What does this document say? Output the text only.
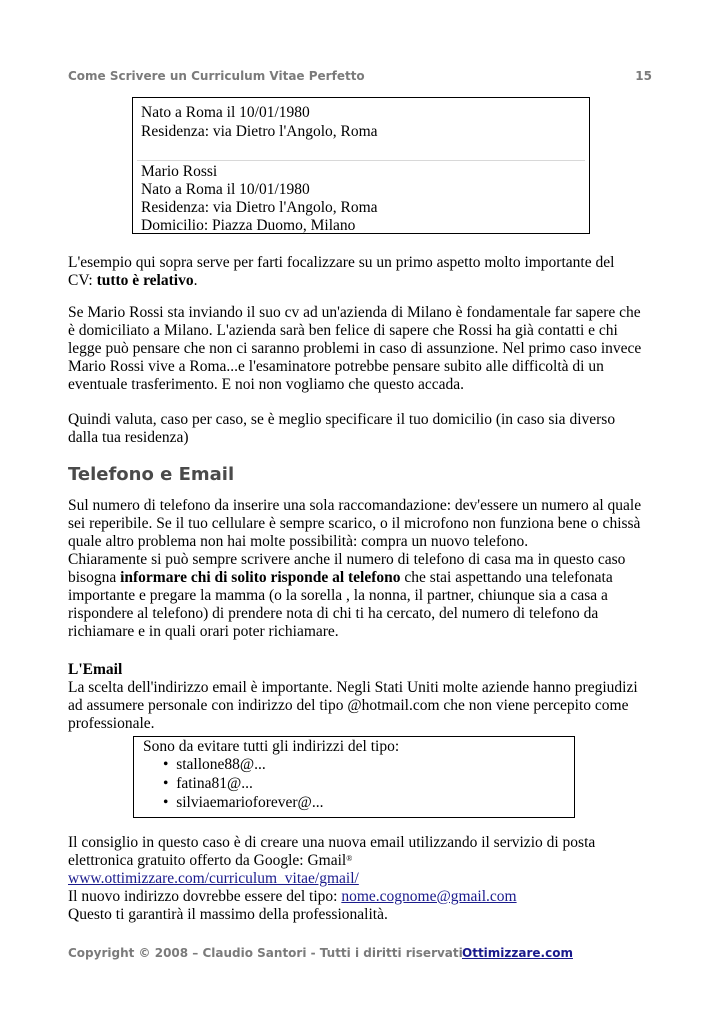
Come Scrivere un Curriculum Vitae Perfetto	15
Nato a Roma il 10/01/1980
Residenza: via Dietro l'Angolo, Roma
Mario Rossi
Nato a Roma il 10/01/1980
Residenza: via Dietro l'Angolo, Roma
Domicilio: Piazza Duomo, Milano
L'esempio qui sopra serve per farti focalizzare su un primo aspetto molto importante del
CV: tutto è relativo.
Se Mario Rossi sta inviando il suo cv ad un'azienda di Milano è fondamentale far sapere che
è domiciliato a Milano. L'azienda sarà ben felice di sapere che Rossi ha già contatti e chi
legge può pensare che non ci saranno problemi in caso di assunzione. Nel primo caso invece
Mario Rossi vive a Roma...e l'esaminatore potrebbe pensare subito alle difficoltà di un
eventuale trasferimento. E noi non vogliamo che questo accada.
Quindi valuta, caso per caso, se è meglio specificare il tuo domicilio (in caso sia diverso
dalla tua residenza)
Telefono e Email
Sul numero di telefono da inserire una sola raccomandazione: dev'essere un numero al quale
sei reperibile. Se il tuo cellulare è sempre scarico, o il microfono non funziona bene o chissà
quale altro problema non hai molte possibilità: compra un nuovo telefono.
Chiaramente si può sempre scrivere anche il numero di telefono di casa ma in questo caso
bisogna informare chi di solito risponde al telefono che stai aspettando una telefonata
importante e pregare la mamma (o la sorella , la nonna, il partner, chiunque sia a casa a
rispondere al telefono) di prendere nota di chi ti ha cercato, del numero di telefono da
richiamare e in quali orari poter richiamare.
L'Email
La scelta dell'indirizzo email è importante. Negli Stati Uniti molte aziende hanno pregiudizi
ad assumere personale con indirizzo del tipo @hotmail.com che non viene percepito come
professionale.
Sono da evitare tutti gli indirizzi del tipo:
• stallone88@...
• fatina81@...
• silviaemarioforever@...
Il consiglio in questo caso è di creare una nuova email utilizzando il servizio di posta
elettronica gratuito offerto da Google: Gmail®
www.ottimizzare.com/curriculum_vitae/gmail/
Il nuovo indirizzo dovrebbe essere del tipo: nome.cognome@gmail.com
Questo ti garantirà il massimo della professionalità.
Copyright © 2008 – Claudio Santori - Tutti i diritti riservati Ottimizzare.com
